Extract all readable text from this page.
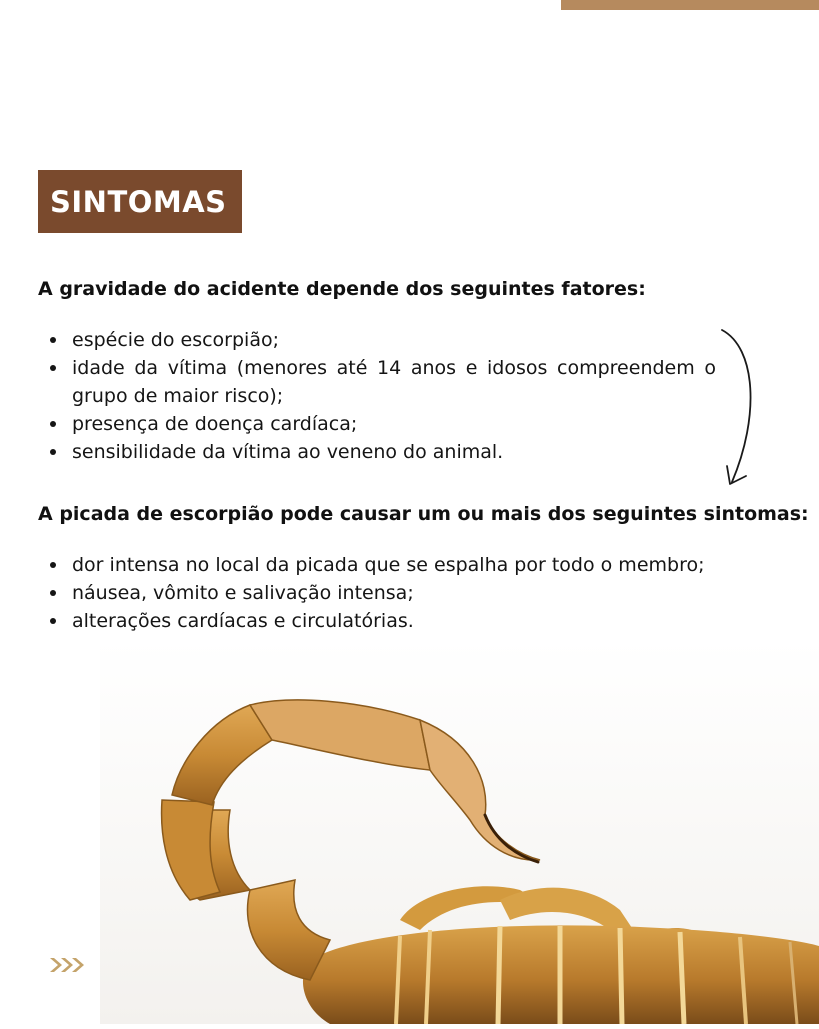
SINTOMAS

A gravidade do acidente depende dos seguintes fatores:

espécie do escorpião;
idade da vítima (menores até 14 anos e idosos compreendem o grupo de maior risco);
presença de doença cardíaca;
sensibilidade da vítima ao veneno do animal.

A picada de escorpião pode causar um ou mais dos seguintes sintomas:

dor intensa no local da picada que se espalha por todo o membro;
náusea, vômito e salivação intensa;
alterações cardíacas e circulatórias.
